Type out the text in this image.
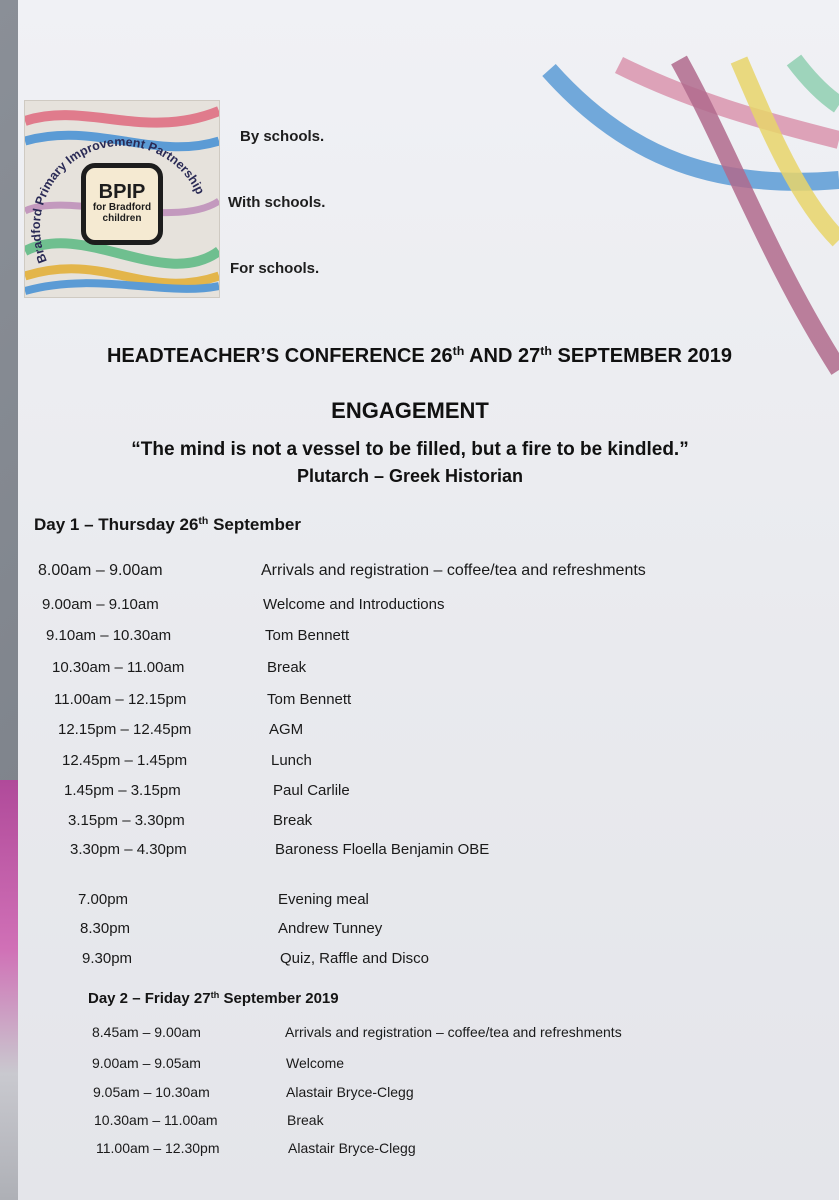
Bradford Primary Improvement Partnership
BPIP
for Bradford
children
By schools.
With schools.
For schools.
HEADTEACHER’S CONFERENCE 26th AND 27th SEPTEMBER 2019
ENGAGEMENT
“The mind is not a vessel to be filled, but a fire to be kindled.”
Plutarch – Greek Historian
Day 1 – Thursday 26th September
8.00am – 9.00am	Arrivals and registration – coffee/tea and refreshments
9.00am – 9.10am	Welcome and Introductions
9.10am – 10.30am	Tom Bennett
10.30am – 11.00am	Break
11.00am – 12.15pm	Tom Bennett
12.15pm – 12.45pm	AGM
12.45pm – 1.45pm	Lunch
1.45pm – 3.15pm	Paul Carlile
3.15pm – 3.30pm	Break
3.30pm – 4.30pm	Baroness Floella Benjamin OBE
7.00pm	Evening meal
8.30pm	Andrew Tunney
9.30pm	Quiz, Raffle and Disco
Day 2 – Friday 27th September 2019
8.45am – 9.00am	Arrivals and registration – coffee/tea and refreshments
9.00am – 9.05am	Welcome
9.05am – 10.30am	Alastair Bryce-Clegg
10.30am – 11.00am	Break
11.00am – 12.30pm	Alastair Bryce-Clegg
